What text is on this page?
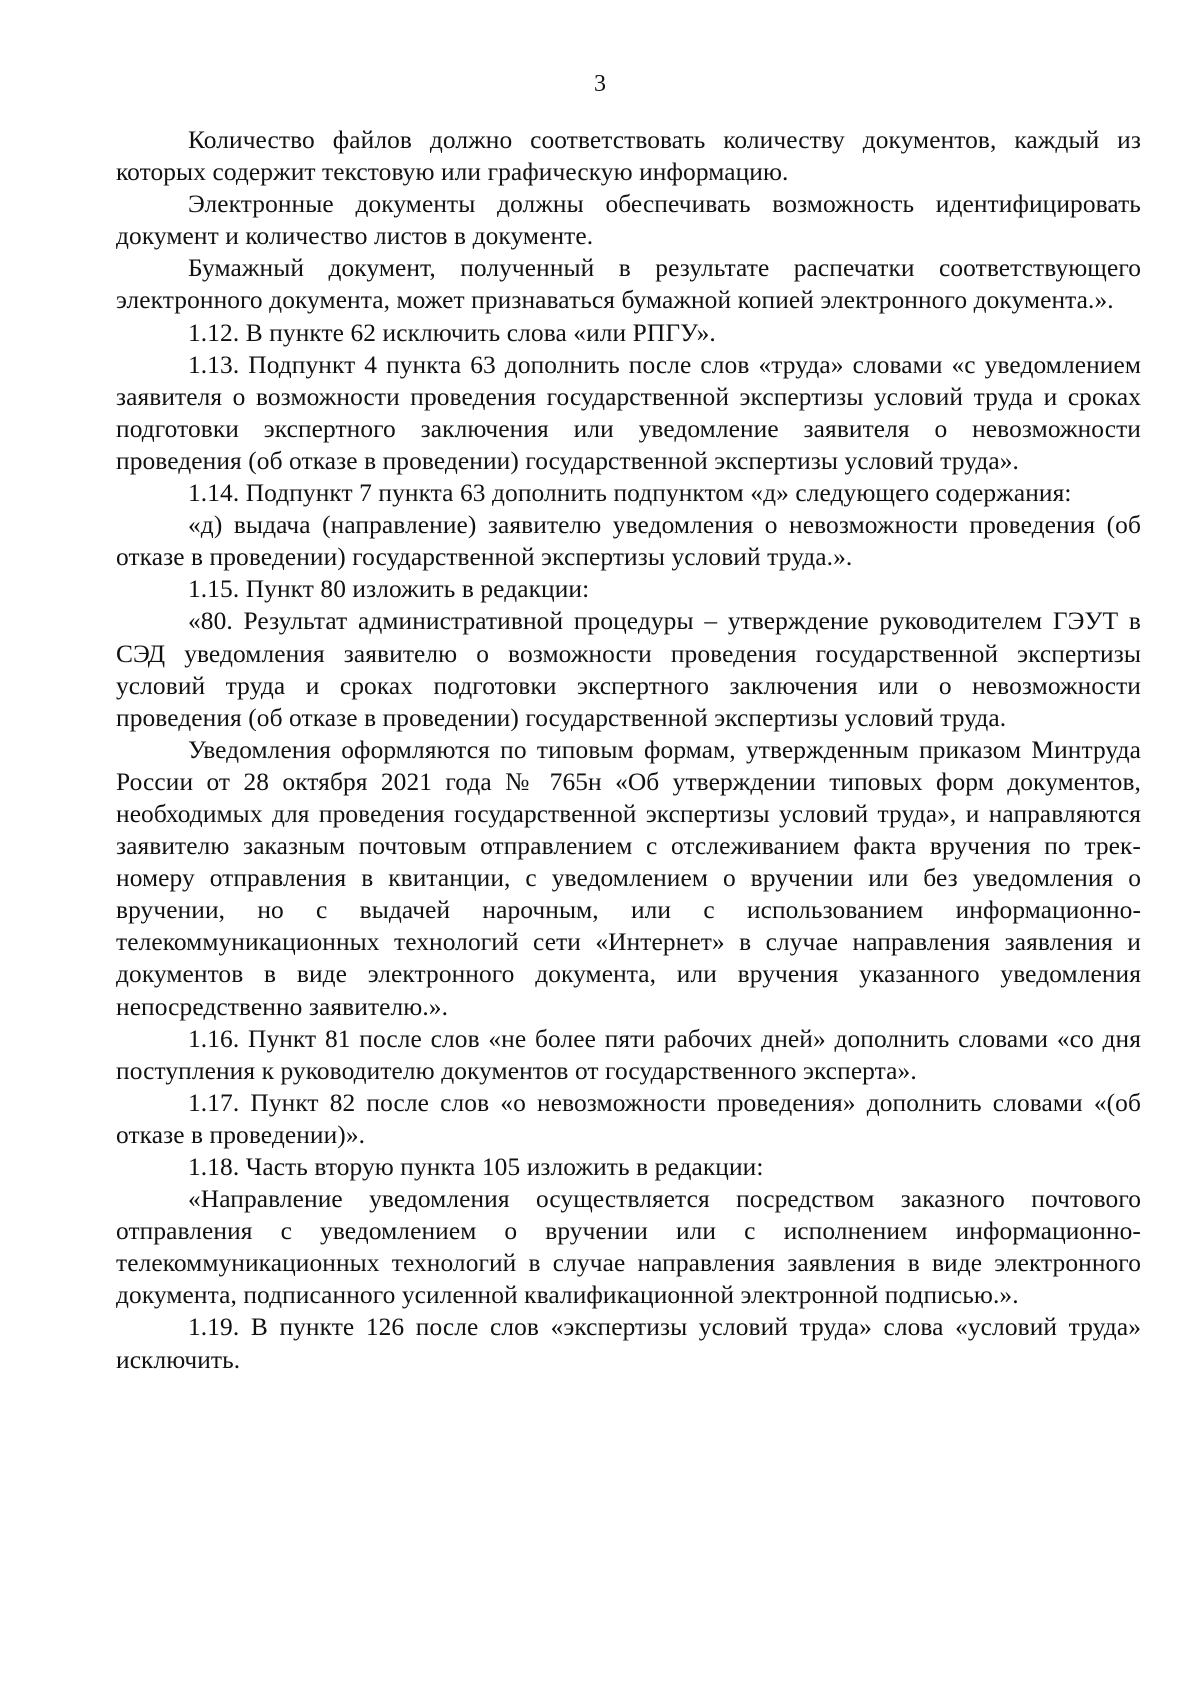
3

Количество файлов должно соответствовать количеству документов, каждый из которых содержит текстовую или графическую информацию.

Электронные документы должны обеспечивать возможность идентифицировать документ и количество листов в документе.

Бумажный документ, полученный в результате распечатки соответствующего электронного документа, может признаваться бумажной копией электронного документа.».

1.12. В пункте 62 исключить слова «или РПГУ».

1.13. Подпункт 4 пункта 63 дополнить после слов «труда» словами «с уведомлением заявителя о возможности проведения государственной экспертизы условий труда и сроках подготовки экспертного заключения или уведомление заявителя о невозможности проведения (об отказе в проведении) государственной экспертизы условий труда».

1.14. Подпункт 7 пункта 63 дополнить подпунктом «д» следующего содержания:

«д) выдача (направление) заявителю уведомления о невозможности проведения (об отказе в проведении) государственной экспертизы условий труда.».

1.15. Пункт 80 изложить в редакции:

«80. Результат административной процедуры – утверждение руководителем ГЭУТ в СЭД уведомления заявителю о возможности проведения государственной экспертизы условий труда и сроках подготовки экспертного заключения или о невозможности проведения (об отказе в проведении) государственной экспертизы условий труда.

Уведомления оформляются по типовым формам, утвержденным приказом Минтруда России от 28 октября 2021 года № 765н «Об утверждении типовых форм документов, необходимых для проведения государственной экспертизы условий труда», и направляются заявителю заказным почтовым отправлением с отслеживанием факта вручения по трек-номеру отправления в квитанции, с уведомлением о вручении или без уведомления о вручении, но с выдачей нарочным, или с использованием информационно-телекоммуникационных технологий сети «Интернет» в случае направления заявления и документов в виде электронного документа, или вручения указанного уведомления непосредственно заявителю.».

1.16. Пункт 81 после слов «не более пяти рабочих дней» дополнить словами «со дня поступления к руководителю документов от государственного эксперта».

1.17. Пункт 82 после слов «о невозможности проведения» дополнить словами «(об отказе в проведении)».

1.18. Часть вторую пункта 105 изложить в редакции:

«Направление уведомления осуществляется посредством заказного почтового отправления с уведомлением о вручении или с исполнением информационно-телекоммуникационных технологий в случае направления заявления в виде электронного документа, подписанного усиленной квалификационной электронной подписью.».

1.19. В пункте 126 после слов «экспертизы условий труда» слова «условий труда» исключить.
